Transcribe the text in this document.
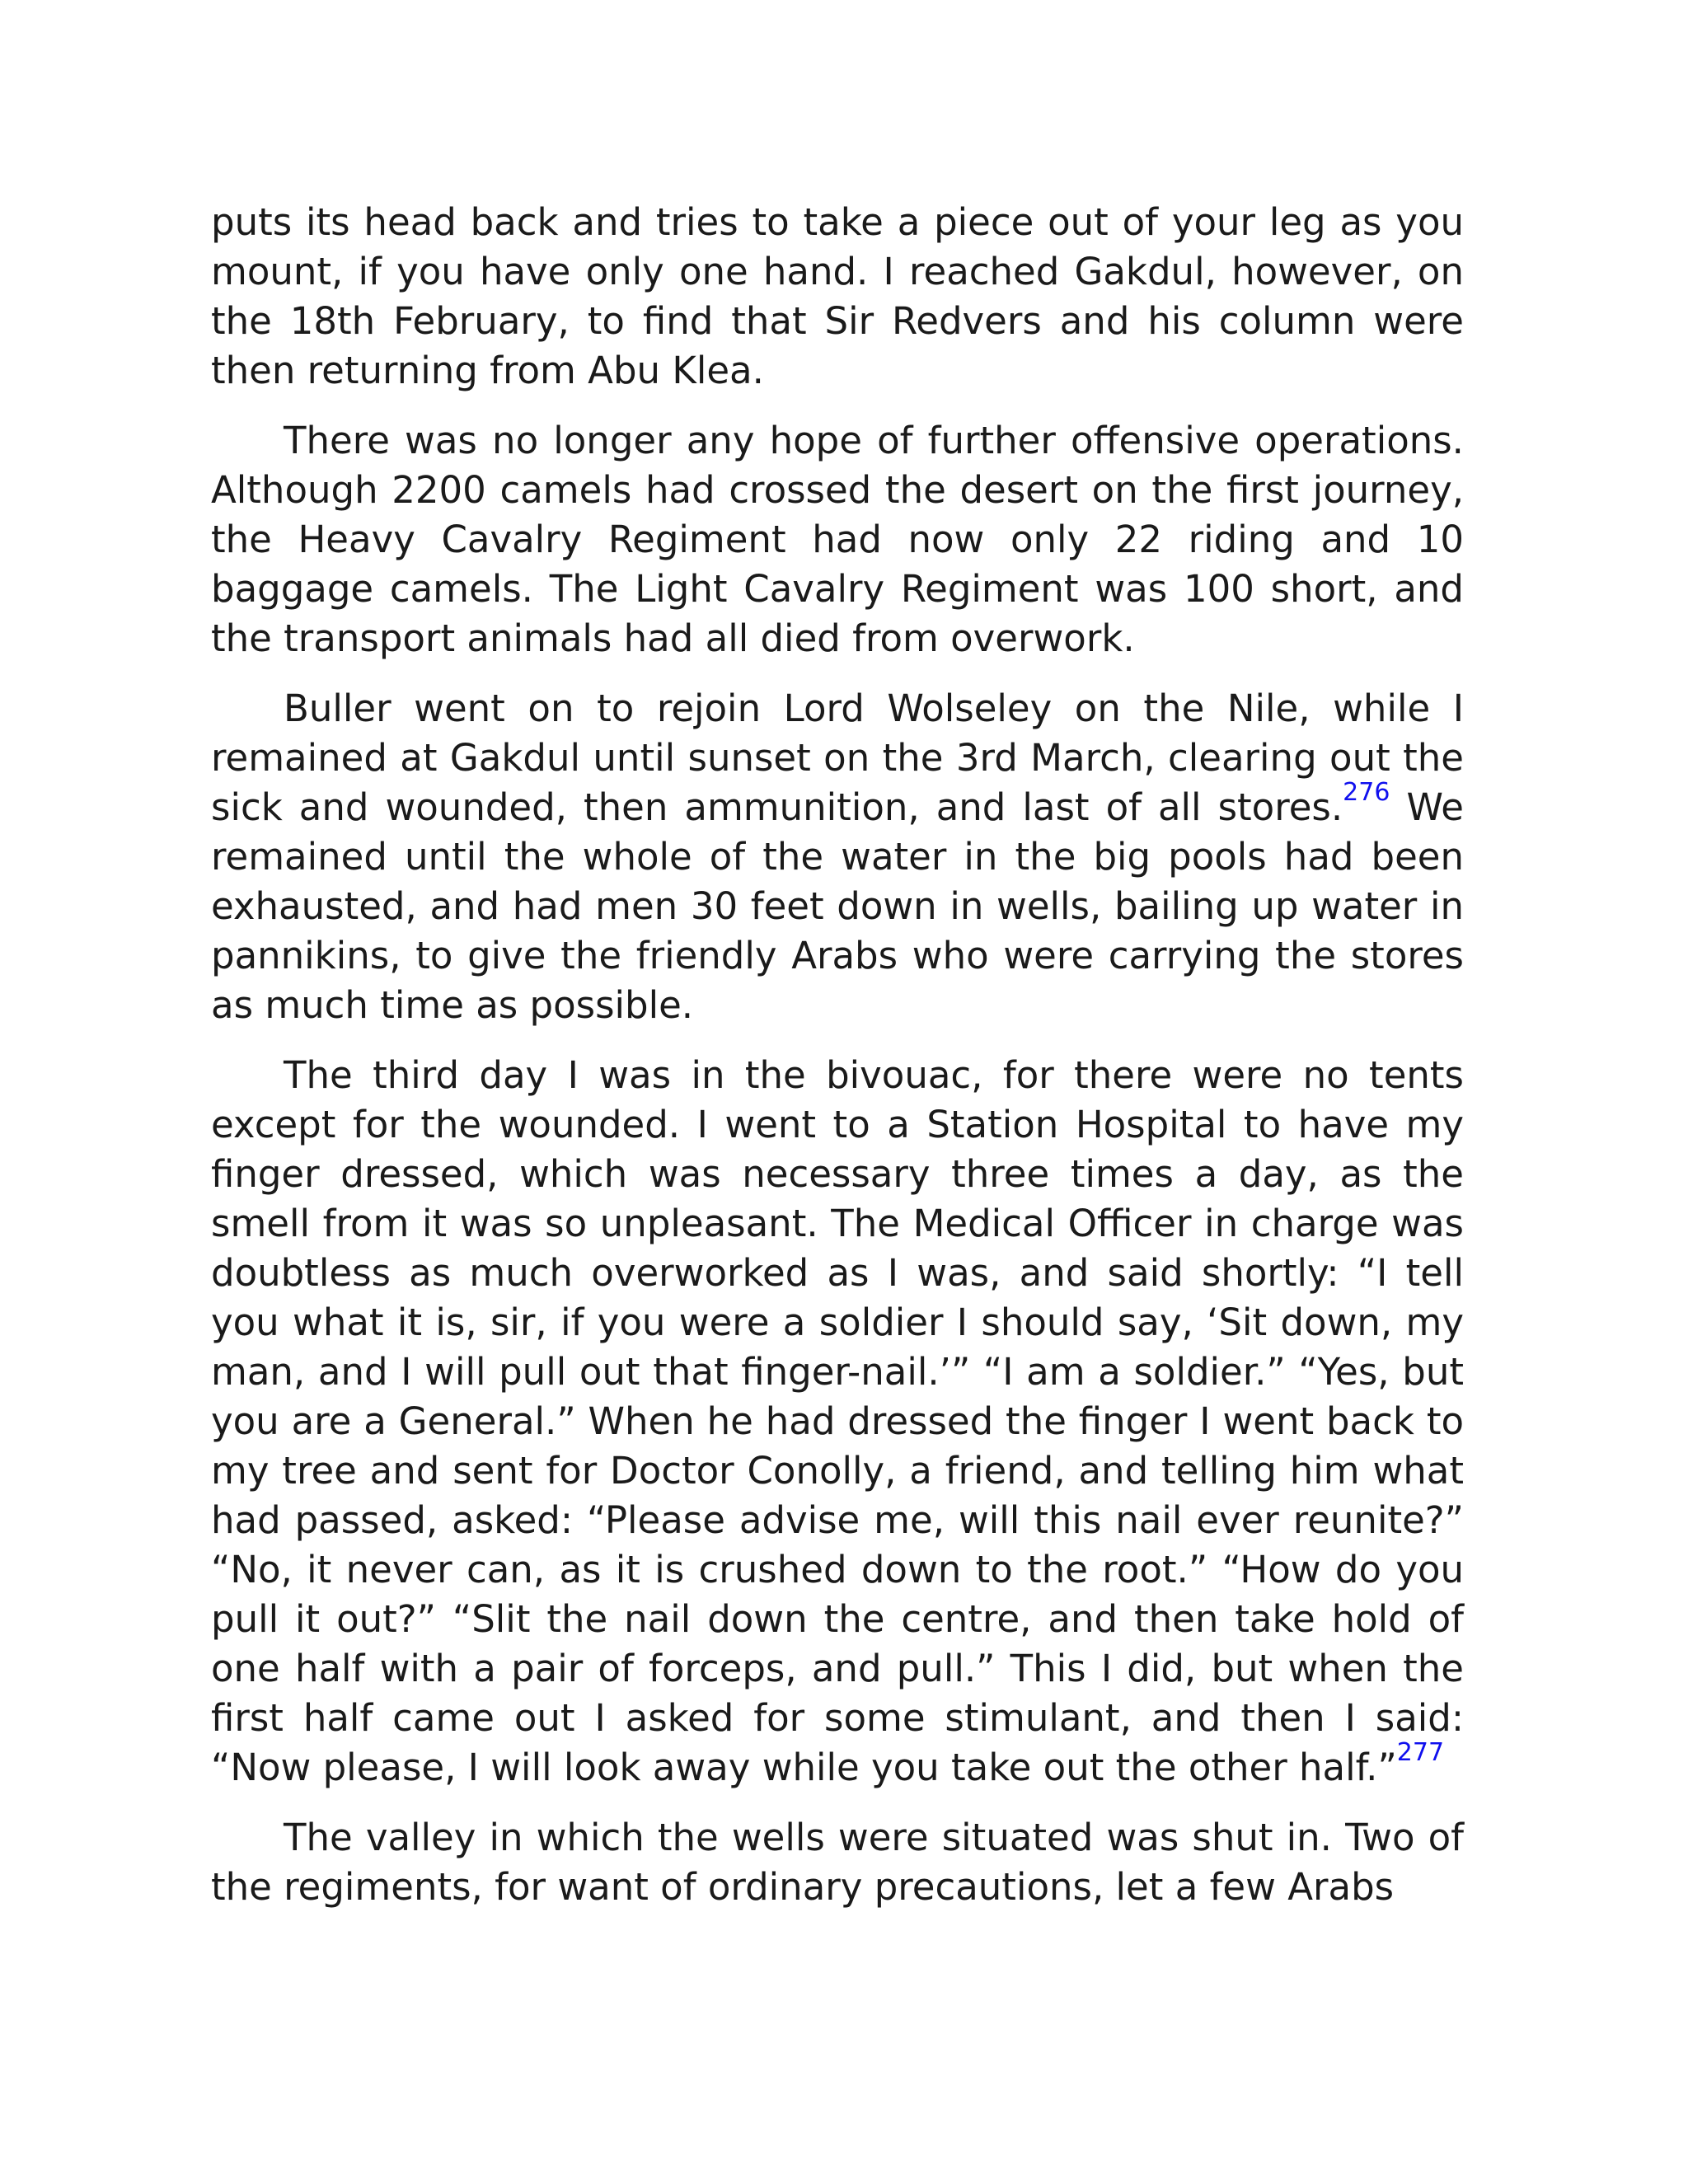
puts its head back and tries to take a piece out of your leg as you mount, if you have only one hand. I reached Gakdul, however, on the 18th February, to find that Sir Redvers and his column were then returning from Abu Klea.

There was no longer any hope of further offensive operations. Although 2200 camels had crossed the desert on the first journey, the Heavy Cavalry Regiment had now only 22 riding and 10 baggage camels. The Light Cavalry Regiment was 100 short, and the transport animals had all died from overwork.

Buller went on to rejoin Lord Wolseley on the Nile, while I remained at Gakdul until sunset on the 3rd March, clearing out the sick and wounded, then ammunition, and last of all stores.$^{276}$ We remained until the whole of the water in the big pools had been exhausted, and had men 30 feet down in wells, bailing up water in pannikins, to give the friendly Arabs who were carrying the stores as much time as possible.

The third day I was in the bivouac, for there were no tents except for the wounded. I went to a Station Hospital to have my finger dressed, which was necessary three times a day, as the smell from it was so unpleasant. The Medical Officer in charge was doubtless as much overworked as I was, and said shortly: “I tell you what it is, sir, if you were a soldier I should say, ‘Sit down, my man, and I will pull out that finger-nail.’” “I am a soldier.” “Yes, but you are a General.” When he had dressed the finger I went back to my tree and sent for Doctor Conolly, a friend, and telling him what had passed, asked: “Please advise me, will this nail ever reunite?” “No, it never can, as it is crushed down to the root.” “How do you pull it out?” “Slit the nail down the centre, and then take hold of one half with a pair of forceps, and pull.” This I did, but when the first half came out I asked for some stimulant, and then I said: “Now please, I will look away while you take out the other half.”$^{277}$

The valley in which the wells were situated was shut in. Two of the regiments, for want of ordinary precautions, let a few Arabs
